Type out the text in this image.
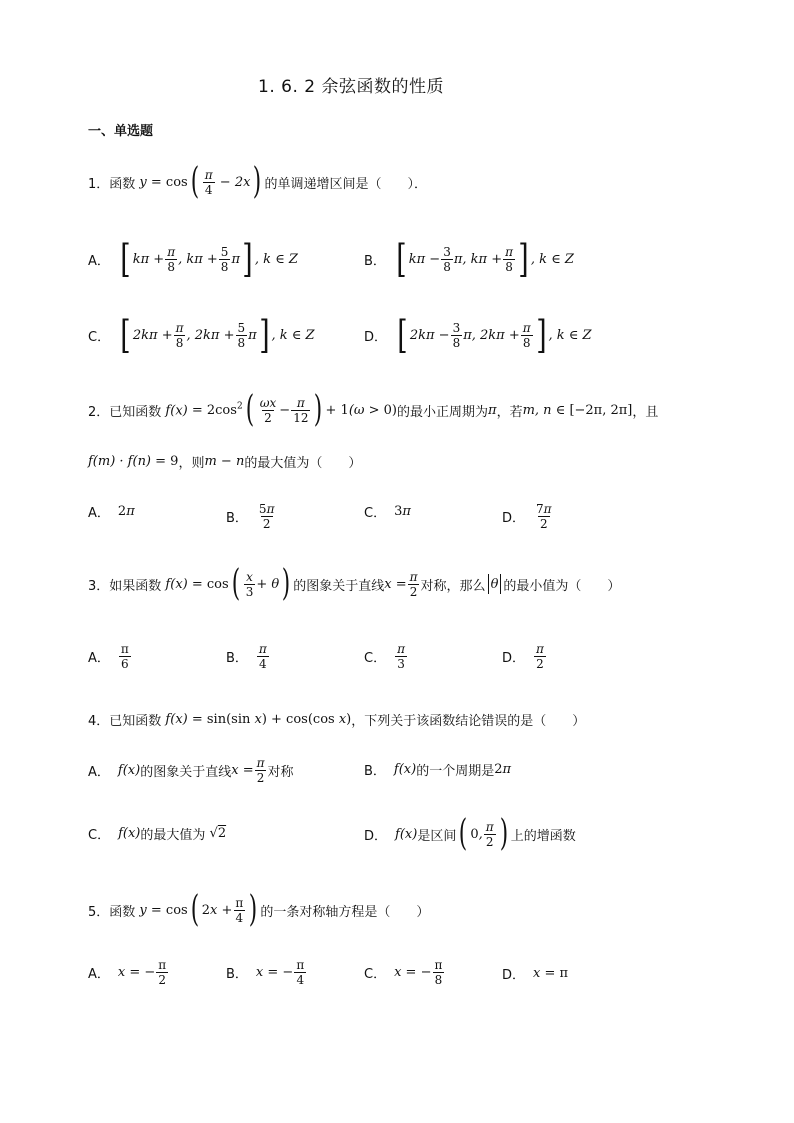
1. 6. 2 余弦函数的性质
一、单选题
1． 函数 y = cos ( $\frac{\pi}{4} - 2x$ ) 的单调递增区间是（　　）．
A． [ $k\pi + \frac{\pi}{8}$ , $k\pi + \frac{5}{8}$ π ] , k ∈ Z	B． [ $k\pi - \frac{3}{8} \pi$, $k\pi + \frac{\pi}{8}$ ] , k ∈ Z
C． [ $2k\pi + \frac{\pi}{8}$ , $2k\pi + \frac{5}{8}$ π ] , k ∈ Z	D． [ $2k\pi - \frac{3}{8} \pi$, $2k\pi + \frac{\pi}{8}$ ] , k ∈ Z
2． 已知函数 $f(x) = 2\cos^2$ ( $\frac{\omega x}{2} - \frac{\pi}{12}$ ) + 1(ω > 0) 的最小正周期为 π ，若 m, n ∈ [−2π, 2π] ，且
f(m) · f(n) = 9 ，则 m − n 的最大值为（　　）
A． 2π	B． $\frac{5\pi}{2}$	C． 3π	D． $\frac{7\pi}{2}$
3． 如果函数 f(x) = cos ( $\frac{x}{3} + \theta$ ) 的图象关于直线 $x = \frac{\pi}{2}$ 对称，那么 θ 的最小值为（　　）
A． $\frac{\pi}{6}$	B． $\frac{\pi}{4}$	C． $\frac{\pi}{3}$	D． $\frac{\pi}{2}$
4． 已知函数 f(x) = sin(sin x) + cos(cos x) ，下列关于该函数结论错误的是（　　）
A． f(x) 的图象关于直线 $x = \frac{\pi}{2}$ 对称	B． f(x) 的一个周期是 2π
C． f(x) 的最大值为 √2	D． f(x) 是区间 ( 0, $\frac{\pi}{2}$ ) 上的增函数
5． 函数 y = cos ( $2x + \frac{\pi}{4}$ ) 的一条对称轴方程是（　　）
A． x = − $\frac{\pi}{2}$	B． x = − $\frac{\pi}{4}$	C． x = − $\frac{\pi}{8}$	D． x = π
